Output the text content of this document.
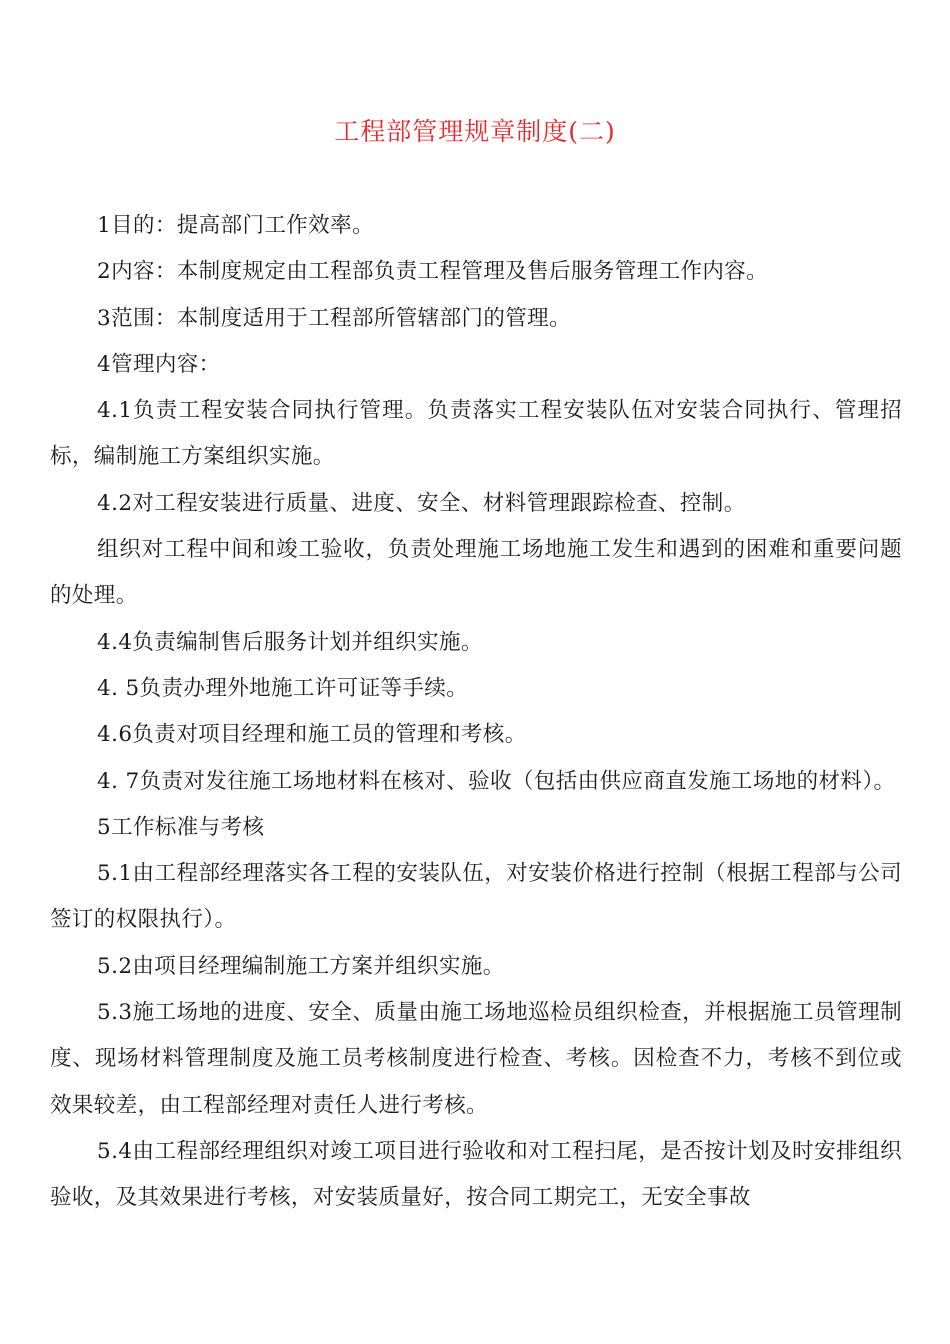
工程部管理规章制度(二)

1目的：提高部门工作效率。

2内容：本制度规定由工程部负责工程管理及售后服务管理工作内容。

3范围：本制度适用于工程部所管辖部门的管理。

4管理内容：

4.1负责工程安装合同执行管理。负责落实工程安装队伍对安装合同执行、管理招标，编制施工方案组织实施。

4.2对工程安装进行质量、进度、安全、材料管理跟踪检查、控制。

组织对工程中间和竣工验收，负责处理施工场地施工发生和遇到的困难和重要问题的处理。

4.4负责编制售后服务计划并组织实施。

4. 5负责办理外地施工许可证等手续。

4.6负责对项目经理和施工员的管理和考核。

4. 7负责对发往施工场地材料在核对、验收（包括由供应商直发施工场地的材料）。

5工作标准与考核

5.1由工程部经理落实各工程的安装队伍，对安装价格进行控制（根据工程部与公司签订的权限执行）。

5.2由项目经理编制施工方案并组织实施。

5.3施工场地的进度、安全、质量由施工场地巡检员组织检查，并根据施工员管理制度、现场材料管理制度及施工员考核制度进行检查、考核。因检查不力，考核不到位或效果较差，由工程部经理对责任人进行考核。

5.4由工程部经理组织对竣工项目进行验收和对工程扫尾，是否按计划及时安排组织验收，及其效果进行考核，对安装质量好，按合同工期完工，无安全事故
